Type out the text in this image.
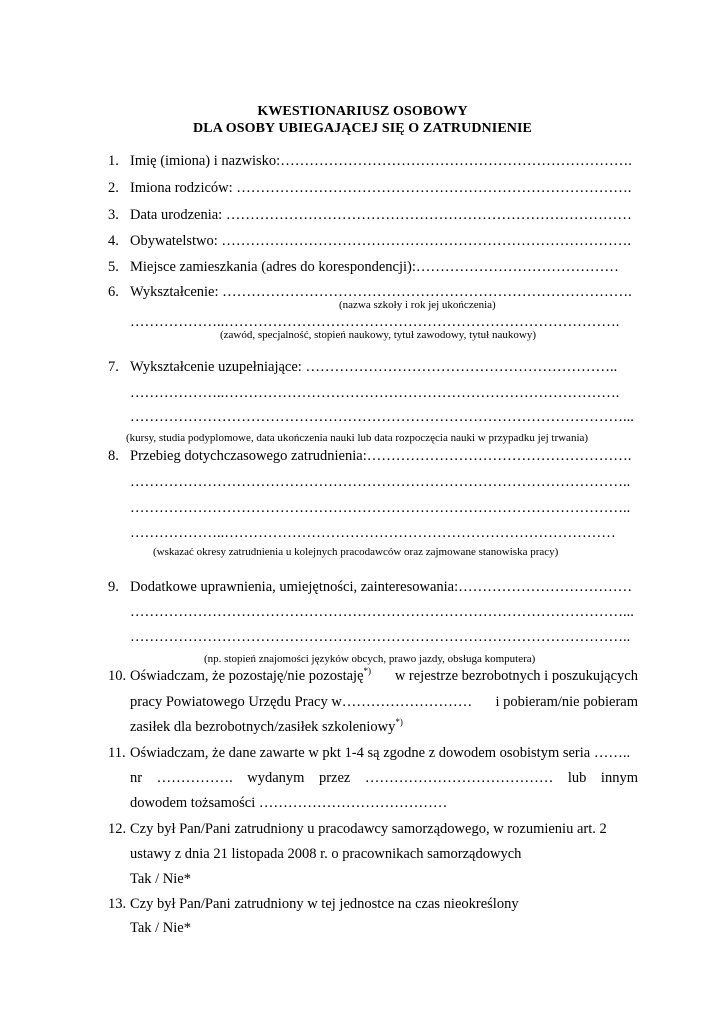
KWESTIONARIUSZ OSOBOWY
DLA OSOBY UBIEGAJĄCEJ SIĘ O ZATRUDNIENIE
1. Imię (imiona) i nazwisko:……………………………………………………………….
2. Imiona rodziców: ……………………………………………………………………….
3. Data urodzenia: …………………………………………………………………………
4. Obywatelstwo: ………………………………………………………………………….
5. Miejsce zamieszkania (adres do korespondencji):……………………………………
6. Wykształcenie: ………………………………………………………………………….
(nazwa szkoły i rok jej ukończenia)
………………..……………………………………………………………………….
(zawód, specjalność, stopień naukowy, tytuł zawodowy, tytuł naukowy)
7. Wykształcenie uzupełniające: ………………………………………………………..
………………..……………………………………………………………………….
…………………………………………………………………………………………...
(kursy, studia podyplomowe, data ukończenia nauki lub data rozpoczęcia nauki w przypadku jej trwania)
8. Przebieg dotychczasowego zatrudnienia:……………………………………………….
…………………………………………………………………………………………..
…………………………………………………………………………………………..
………………..………………………………………………………………………
(wskazać okresy zatrudnienia u kolejnych pracodawców oraz zajmowane stanowiska pracy)
9. Dodatkowe uprawnienia, umiejętności, zainteresowania:………………………………
…………………………………………………………………………………………...
…………………………………………………………………………………………..
(np. stopień znajomości języków obcych, prawo jazdy, obsługa komputera)
10. Oświadczam, że pozostaję/nie pozostaję*) w rejestrze bezrobotnych i poszukujących
pracy Powiatowego Urzędu Pracy w……………………… i pobieram/nie pobieram
zasiłek dla bezrobotnych/zasiłek szkoleniowy*)
11. Oświadczam, że dane zawarte w pkt 1-4 są zgodne z dowodem osobistym seria ……..
nr ……………. wydanym przez ………………………………… lub innym
dowodem tożsamości …………………………………
12. Czy był Pan/Pani zatrudniony u pracodawcy samorządowego, w rozumieniu art. 2
ustawy z dnia 21 listopada 2008 r. o pracownikach samorządowych
Tak / Nie*
13. Czy był Pan/Pani zatrudniony w tej jednostce na czas nieokreślony
Tak / Nie*
